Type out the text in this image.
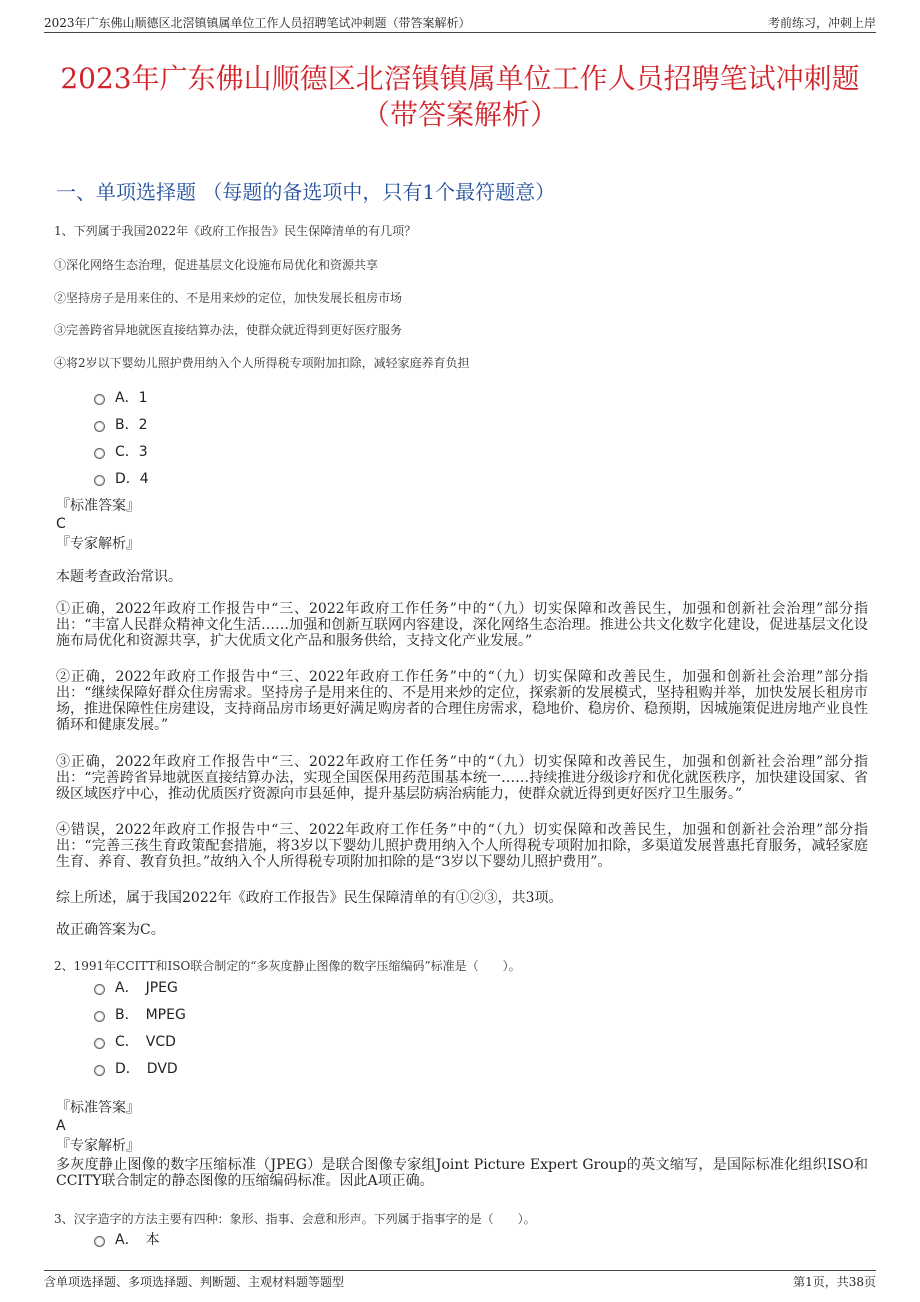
2023年广东佛山顺德区北滘镇镇属单位工作人员招聘笔试冲刺题（带答案解析）	考前练习，冲刺上岸
2023年广东佛山顺德区北滘镇镇属单位工作人员招聘笔试冲刺题（带答案解析）
一、单项选择题 （每题的备选项中，只有1个最符题意）
1、下列属于我国2022年《政府工作报告》民生保障清单的有几项？
①深化网络生态治理，促进基层文化设施布局优化和资源共享
②坚持房子是用来住的、不是用来炒的定位，加快发展长租房市场
③完善跨省异地就医直接结算办法，使群众就近得到更好医疗服务
④将2岁以下婴幼儿照护费用纳入个人所得税专项附加扣除，减轻家庭养育负担
A．1
B．2
C．3
D．4
『标准答案』
C
『专家解析』
本题考查政治常识。
①正确，2022年政府工作报告中“三、2022年政府工作任务”中的“（九）切实保障和改善民生，加强和创新社会治理”部分指出：“丰富人民群众精神文化生活……加强和创新互联网内容建设，深化网络生态治理。推进公共文化数字化建设，促进基层文化设施布局优化和资源共享，扩大优质文化产品和服务供给，支持文化产业发展。”
②正确，2022年政府工作报告中“三、2022年政府工作任务”中的“（九）切实保障和改善民生，加强和创新社会治理”部分指出：“继续保障好群众住房需求。坚持房子是用来住的、不是用来炒的定位，探索新的发展模式，坚持租购并举，加快发展长租房市场，推进保障性住房建设，支持商品房市场更好满足购房者的合理住房需求，稳地价、稳房价、稳预期，因城施策促进房地产业良性循环和健康发展。”
③正确，2022年政府工作报告中“三、2022年政府工作任务”中的“（九）切实保障和改善民生，加强和创新社会治理”部分指出：“完善跨省异地就医直接结算办法，实现全国医保用药范围基本统一……持续推进分级诊疗和优化就医秩序，加快建设国家、省级区域医疗中心，推动优质医疗资源向市县延伸，提升基层防病治病能力，使群众就近得到更好医疗卫生服务。”
④错误，2022年政府工作报告中“三、2022年政府工作任务”中的“（九）切实保障和改善民生，加强和创新社会治理”部分指出：“完善三孩生育政策配套措施，将3岁以下婴幼儿照护费用纳入个人所得税专项附加扣除，多渠道发展普惠托育服务，减轻家庭生育、养育、教育负担。”故纳入个人所得税专项附加扣除的是“3岁以下婴幼儿照护费用”。
综上所述，属于我国2022年《政府工作报告》民生保障清单的有①②③，共3项。
故正确答案为C。
2、1991年CCITT和ISO联合制定的“多灰度静止图像的数字压缩编码”标准是（　　）。
A．　JPEG
B．　MPEG
C．　VCD
D．　DVD
『标准答案』
A
『专家解析』
多灰度静止图像的数字压缩标准（JPEG）是联合图像专家组Joint Picture Expert Group的英文缩写，是国际标准化组织ISO和CCITY联合制定的静态图像的压缩编码标准。因此A项正确。
3、汉字造字的方法主要有四种：象形、指事、会意和形声。下列属于指事字的是（　　）。
A．　本
含单项选择题、多项选择题、判断题、主观材料题等题型	第1页，共38页
